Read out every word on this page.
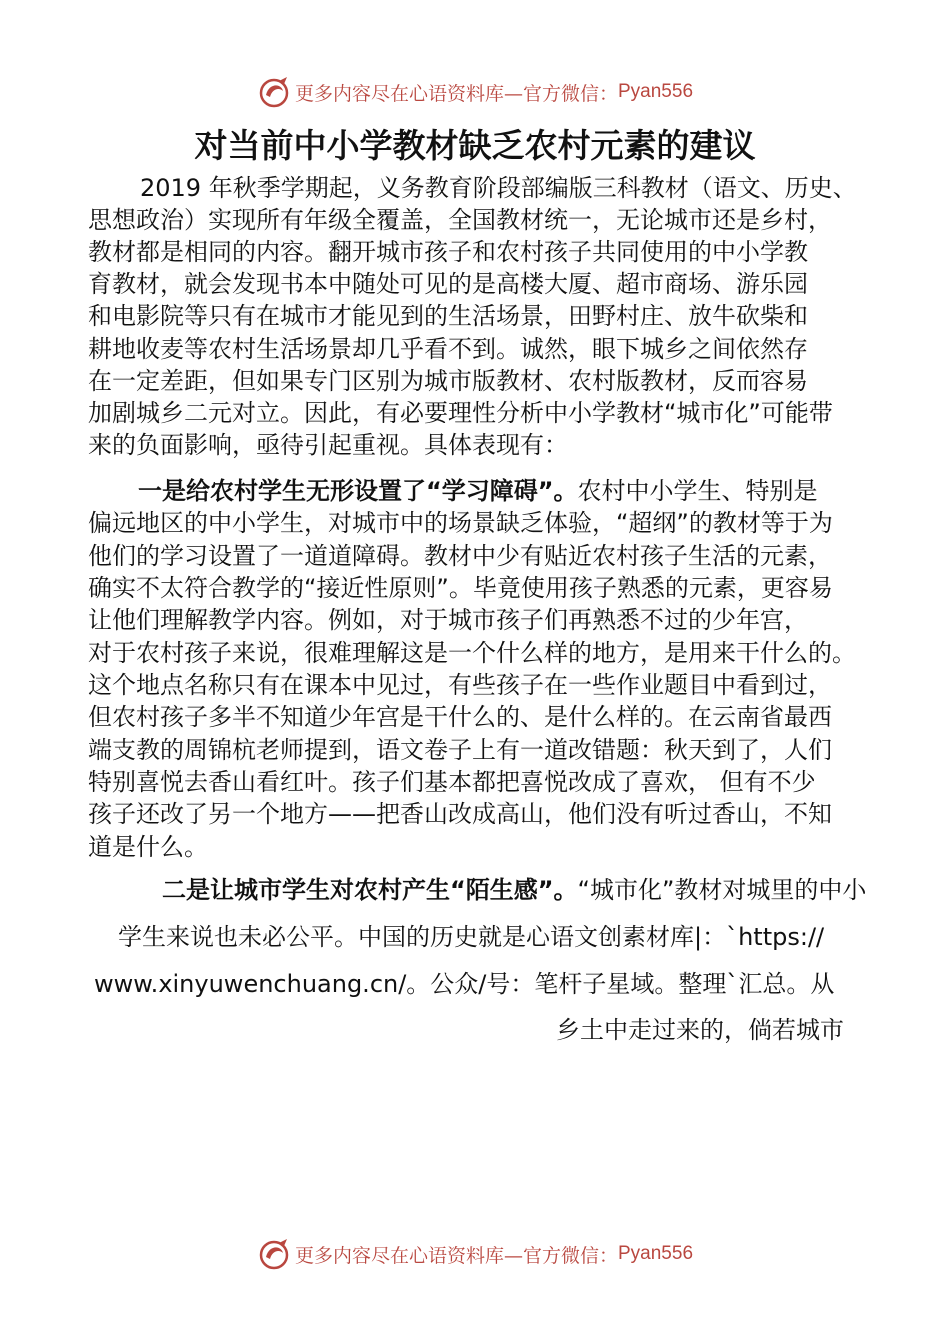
更多内容尽在心语资料库—官方微信： Pyan556
对当前中小学教材缺乏农村元素的建议
2019 年秋季学期起，义务教育阶段部编版三科教材（语文、历史、
思想政治）实现所有年级全覆盖，全国教材统一，无论城市还是乡村，
教材都是相同的内容。翻开城市孩子和农村孩子共同使用的中小学教
育教材，就会发现书本中随处可见的是高楼大厦、超市商场、游乐园
和电影院等只有在城市才能见到的生活场景，田野村庄、放牛砍柴和
耕地收麦等农村生活场景却几乎看不到。诚然，眼下城乡之间依然存
在一定差距，但如果专门区别为城市版教材、农村版教材，反而容易
加剧城乡二元对立。因此，有必要理性分析中小学教材“城市化”可能带
来的负面影响，亟待引起重视。具体表现有：
一是给农村学生无形设置了“学习障碍”。农村中小学生、特别是
偏远地区的中小学生，对城市中的场景缺乏体验，“超纲”的教材等于为
他们的学习设置了一道道障碍。教材中少有贴近农村孩子生活的元素，
确实不太符合教学的“接近性原则”。毕竟使用孩子熟悉的元素，更容易
让他们理解教学内容。例如，对于城市孩子们再熟悉不过的少年宫，
对于农村孩子来说，很难理解这是一个什么样的地方，是用来干什么的。
这个地点名称只有在课本中见过，有些孩子在一些作业题目中看到过，
但农村孩子多半不知道少年宫是干什么的、是什么样的。在云南省最西
端支教的周锦杭老师提到，语文卷子上有一道改错题：秋天到了，人们
特别喜悦去香山看红叶。孩子们基本都把喜悦改成了喜欢， 但有不少
孩子还改了另一个地方——把香山改成高山，他们没有听过香山，不知
道是什么。
二是让城市学生对农村产生“陌生感”。“城市化”教材对城里的中小
学生来说也未必公平。中国的历史就是心语文创素材库|：`https://
www.xinyuwenchuang.cn/。公众/号：笔杆子星域。整理`汇总。从
乡土中走过来的，倘若城市
更多内容尽在心语资料库—官方微信： Pyan556
